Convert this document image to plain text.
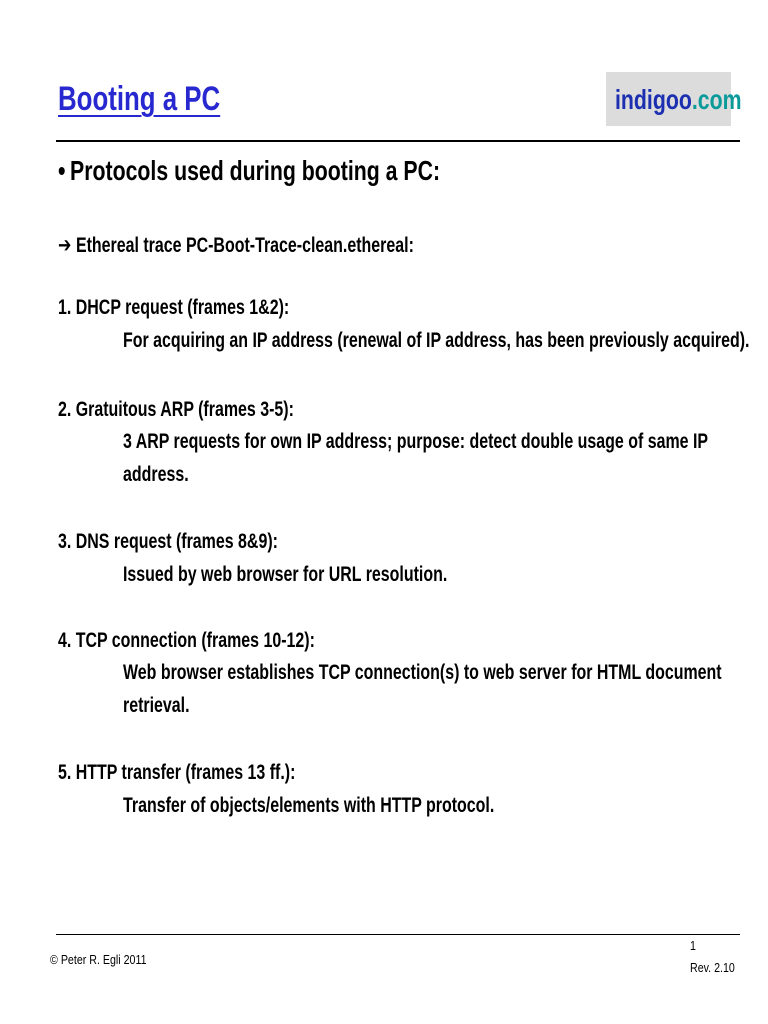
Booting a PC	indigoo.com
• Protocols used during booting a PC:
➔ Ethereal trace PC-Boot-Trace-clean.ethereal:
1. DHCP request (frames 1&2):
For acquiring an IP address (renewal of IP address, has been previously acquired).
2. Gratuitous ARP (frames 3-5):
3 ARP requests for own IP address; purpose: detect double usage of same IP
address.
3. DNS request (frames 8&9):
Issued by web browser for URL resolution.
4. TCP connection (frames 10-12):
Web browser establishes TCP connection(s) to web server for HTML document
retrieval.
5. HTTP transfer (frames 13 ff.):
Transfer of objects/elements with HTTP protocol.
© Peter R. Egli 2011
1
Rev. 2.10
